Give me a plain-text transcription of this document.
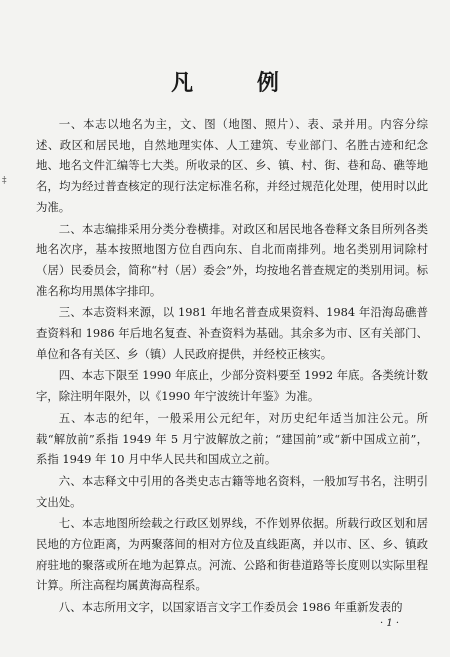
‡
凡 例

一、本志以地名为主，文、图（地图、照片）、表、录并用。内容分综述、政区和居民地，自然地理实体、人工建筑、专业部门、名胜古迹和纪念地、地名文件汇编等七大类。所收录的区、乡、镇、村、街、巷和岛、礁等地名，均为经过普查核定的现行法定标准名称，并经过规范化处理，使用时以此为准。

二、本志编排采用分类分卷横排。对政区和居民地各卷释文条目所列各类地名次序，基本按照地图方位自西向东、自北而南排列。地名类别用词除村（居）民委员会，简称“村（居）委会”外，均按地名普查规定的类别用词。标准名称均用黑体字排印。

三、本志资料来源，以 1981 年地名普查成果资料、1984 年沿海岛礁普查资料和 1986 年后地名复查、补查资料为基础。其余多为市、区有关部门、单位和各有关区、乡（镇）人民政府提供，并经校正核实。

四、本志下限至 1990 年底止，少部分资料要至 1992 年底。各类统计数字，除注明年限外，以《1990 年宁波统计年鉴》为准。

五、本志的纪年，一般采用公元纪年，对历史纪年适当加注公元。所载“解放前”系指 1949 年 5 月宁波解放之前；“建国前”或“新中国成立前”，系指 1949 年 10 月中华人民共和国成立之前。

六、本志释文中引用的各类史志古籍等地名资料，一般加写书名，注明引文出处。

七、本志地图所绘载之行政区划界线，不作划界依据。所载行政区划和居民地的方位距离，为两聚落间的相对方位及直线距离，并以市、区、乡、镇政府驻地的聚落或所在地为起算点。河流、公路和街巷道路等长度则以实际里程计算。所注高程均属黄海高程系。

八、本志所用文字，以国家语言文字工作委员会 1986 年重新发表的

· 1 ·
